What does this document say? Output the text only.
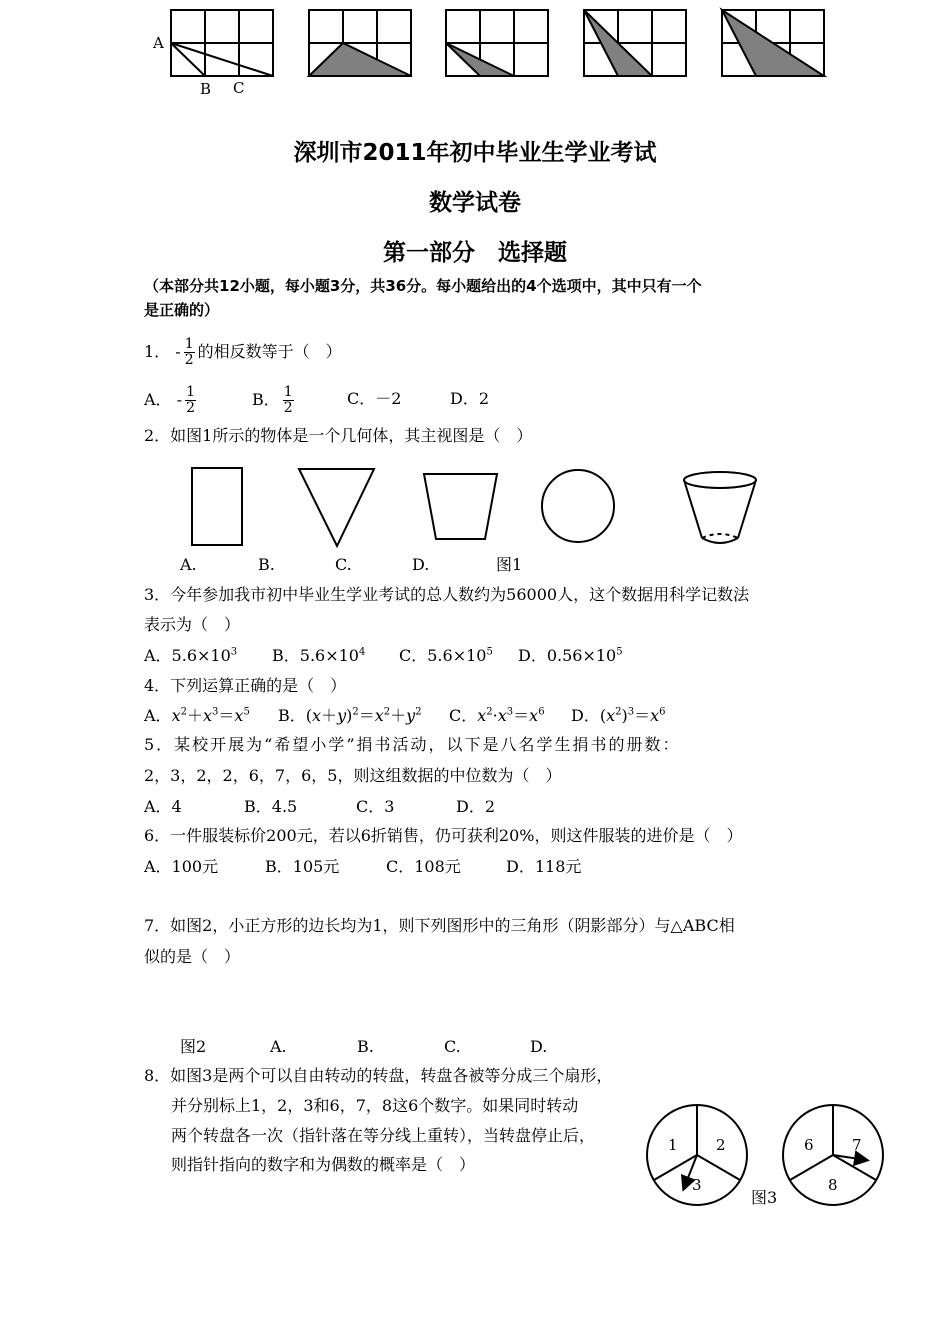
A
B C
深圳市2011年初中毕业生学业考试
数学试卷
第一部分　选择题
（本部分共12小题，每小题3分，共36分。每小题给出的4个选项中，其中只有一个
是正确的）
1． - $\frac{1}{2}$ 的相反数等于（　）
A． - $\frac{1}{2}$	B． $\frac{1}{2}$	C．－2	D．2
2．如图1所示的物体是一个几何体，其主视图是（　）
A.	B.	C.	D.	图1
3．今年参加我市初中毕业生学业考试的总人数约为56000人，这个数据用科学记数法
表示为（　）
A．$5.6\times 10^3$ B．$5.6\times 10^4$ C．$5.6\times 10^5$ D．$0.56\times 10^5$
4．下列运算正确的是（　）
A．$x^2+x^3=x^5$ B．$(x+y)^2=x^2+y^2$ C．$x^2\cdot x^3=x^6$ D．$(x^2)^3=x^6$
5．某校开展为“希望小学”捐书活动，以下是八名学生捐书的册数：
2，3，2，2，6，7，6，5，则这组数据的中位数为（　）
A．4	B．4.5	C．3	D．2
6．一件服装标价200元，若以6折销售，仍可获利20%，则这件服装的进价是（　）
A．100元	B．105元	C．108元	D．118元
7．如图2，小正方形的边长均为1，则下列图形中的三角形（阴影部分）与△ABC相
似的是（　）
图2	A.	B.	C.	D.
8．如图3是两个可以自由转动的转盘，转盘各被等分成三个扇形，
并分别标上1，2，3和6，7，8这6个数字。如果同时转动
两个转盘各一次（指针落在等分线上重转），当转盘停止后，
则指针指向的数字和为偶数的概率是（　）
1	2
3
6	7
8
图3
